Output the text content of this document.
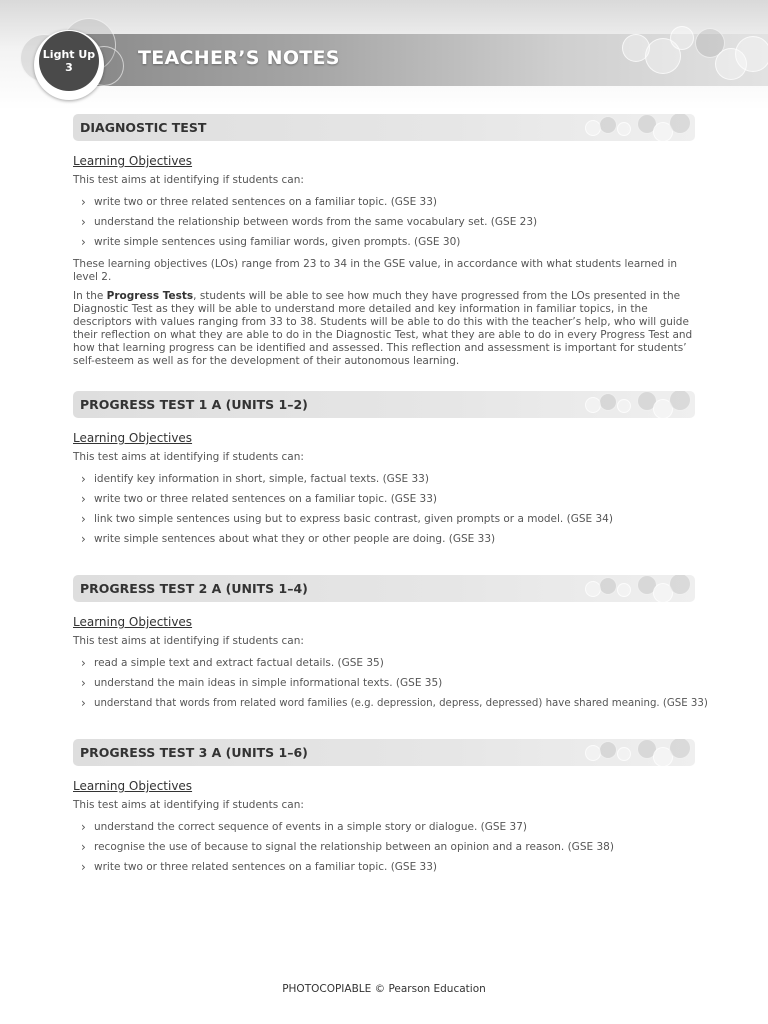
Light Up
3	TEACHER’S NOTES
DIAGNOSTIC TEST
Learning Objectives
This test aims at identifying if students can:
› write two or three related sentences on a familiar topic. (GSE 33)
› understand the relationship between words from the same vocabulary set. (GSE 23)
› write simple sentences using familiar words, given prompts. (GSE 30)
These learning objectives (LOs) range from 23 to 34 in the GSE value, in accordance with what students learned in level 2.
In the Progress Tests, students will be able to see how much they have progressed from the LOs presented in the Diagnostic Test as they will be able to understand more detailed and key information in familiar topics, in the descriptors with values ranging from 33 to 38. Students will be able to do this with the teacher’s help, who will guide their reflection on what they are able to do in the Diagnostic Test, what they are able to do in every Progress Test and how that learning progress can be identified and assessed. This reflection and assessment is important for students’ self-esteem as well as for the development of their autonomous learning.
PROGRESS TEST 1 A (UNITS 1–2)
Learning Objectives
This test aims at identifying if students can:
› identify key information in short, simple, factual texts. (GSE 33)
› write two or three related sentences on a familiar topic. (GSE 33)
› link two simple sentences using but to express basic contrast, given prompts or a model. (GSE 34)
› write simple sentences about what they or other people are doing. (GSE 33)
PROGRESS TEST 2 A (UNITS 1–4)
Learning Objectives
This test aims at identifying if students can:
› read a simple text and extract factual details. (GSE 35)
› understand the main ideas in simple informational texts. (GSE 35)
› understand that words from related word families (e.g. depression, depress, depressed) have shared meaning. (GSE 33)
PROGRESS TEST 3 A (UNITS 1–6)
Learning Objectives
This test aims at identifying if students can:
› understand the correct sequence of events in a simple story or dialogue. (GSE 37)
› recognise the use of because to signal the relationship between an opinion and a reason. (GSE 38)
› write two or three related sentences on a familiar topic. (GSE 33)
PHOTOCOPIABLE © Pearson Education
